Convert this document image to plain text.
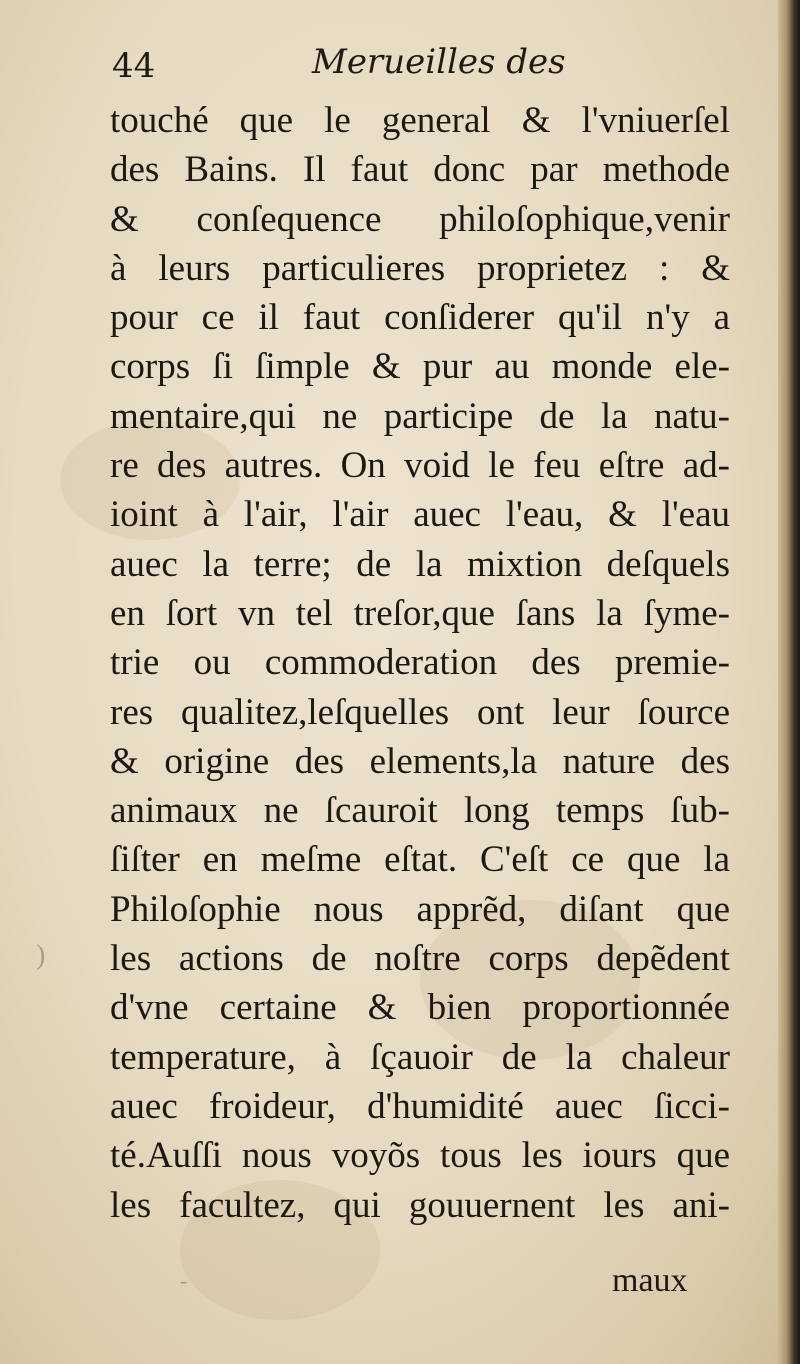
)
-
44	Merueilles des
touché que le general & l'vniuerſel
des Bains. Il faut donc par methode
& conſequence philoſophique,venir
à leurs particulieres proprietez : &
pour ce il faut conſiderer qu'il n'y a
corps ſi ſimple & pur au monde ele-
mentaire,qui ne participe de la natu-
re des autres. On void le feu eſtre ad-
ioint à l'air, l'air auec l'eau, & l'eau
auec la terre; de la mixtion deſquels
en ſort vn tel treſor,que ſans la ſyme-
trie ou commoderation des premie-
res qualitez,leſquelles ont leur ſource
& origine des elements,la nature des
animaux ne ſcauroit long temps ſub-
ſiſter en meſme eſtat. C'eſt ce que la
Philoſophie nous apprẽd, diſant que
les actions de noſtre corps depẽdent
d'vne certaine & bien proportionnée
temperature, à ſçauoir de la chaleur
auec froideur, d'humidité auec ſicci-
té.Auſſi nous voyõs tous les iours que
les facultez, qui gouuernent les ani-
maux
